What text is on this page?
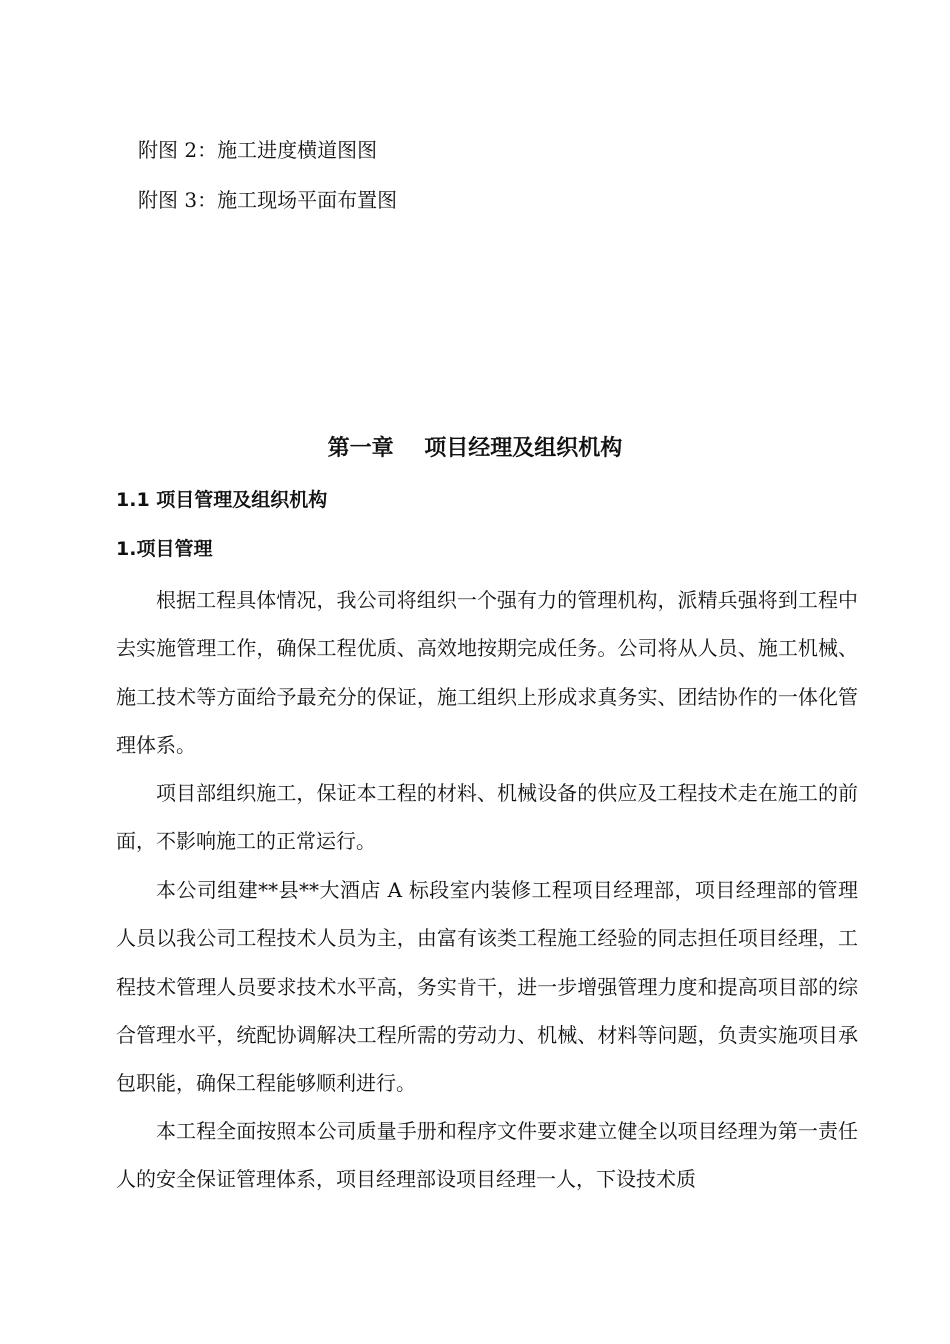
附图 2：施工进度横道图图
附图 3：施工现场平面布置图
第一章    项目经理及组织机构
1.1 项目管理及组织机构
1.项目管理

根据工程具体情况，我公司将组织一个强有力的管理机构，派精兵强将到工程中去实施管理工作，确保工程优质、高效地按期完成任务。公司将从人员、施工机械、施工技术等方面给予最充分的保证，施工组织上形成求真务实、团结协作的一体化管理体系。

项目部组织施工，保证本工程的材料、机械设备的供应及工程技术走在施工的前面，不影响施工的正常运行。

本公司组建**县**大酒店 A 标段室内装修工程项目经理部，项目经理部的管理人员以我公司工程技术人员为主，由富有该类工程施工经验的同志担任项目经理，工程技术管理人员要求技术水平高，务实肯干，进一步增强管理力度和提高项目部的综合管理水平，统配协调解决工程所需的劳动力、机械、材料等问题，负责实施项目承包职能，确保工程能够顺利进行。

本工程全面按照本公司质量手册和程序文件要求建立健全以项目经理为第一责任人的安全保证管理体系，项目经理部设项目经理一人，下设技术质
